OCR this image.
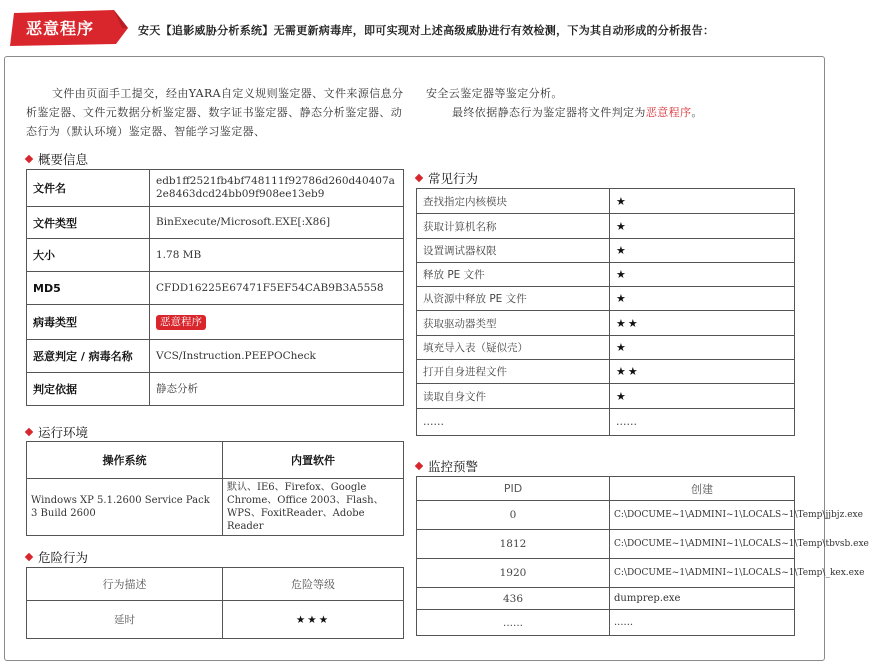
恶意程序	安天【追影威胁分析系统】无需更新病毒库，即可实现对上述高级威胁进行有效检测，下为其自动形成的分析报告：
文件由页面手工提交，经由YARA自定义规则鉴定器、文件来源信息分析鉴定器、文件元数据分析鉴定器、数字证书鉴定器、静态分析鉴定器、动态行为（默认环境）鉴定器、智能学习鉴定器、
安全云鉴定器等鉴定分析。
最终依据静态行为鉴定器将文件判定为恶意程序。
概要信息
文件名	edb1ff2521fb4bf748111f92786d260d40407a2e8463dcd24bb09f908ee13eb9
文件类型	BinExecute/Microsoft.EXE[:X86]
大小	1.78 MB
MD5	CFDD16225E67471F5EF54CAB9B3A5558
病毒类型	恶意程序
恶意判定 / 病毒名称	VCS/Instruction.PEEPOCheck
判定依据	静态分析
运行环境
操作系统	内置软件
Windows XP 5.1.2600 Service Pack 3 Build 2600	默认、IE6、Firefox、Google Chrome、Office 2003、Flash、WPS、FoxitReader、Adobe Reader
危险行为
行为描述	危险等级
延时	★★★
常见行为
查找指定内核模块	★
获取计算机名称	★
设置调试器权限	★
释放 PE 文件	★
从资源中释放 PE 文件	★
获取驱动器类型	★★
填充导入表（疑似壳）	★
打开自身进程文件	★★
读取自身文件	★
……	……
监控预警
PID	创建
0	C:\DOCUME~1\ADMINI~1\LOCALS~1\Temp\jjbjz.exe
1812	C:\DOCUME~1\ADMINI~1\LOCALS~1\Temp\tbvsb.exe
1920	C:\DOCUME~1\ADMINI~1\LOCALS~1\Temp\_kex.exe
436	dumprep.exe
......	......
